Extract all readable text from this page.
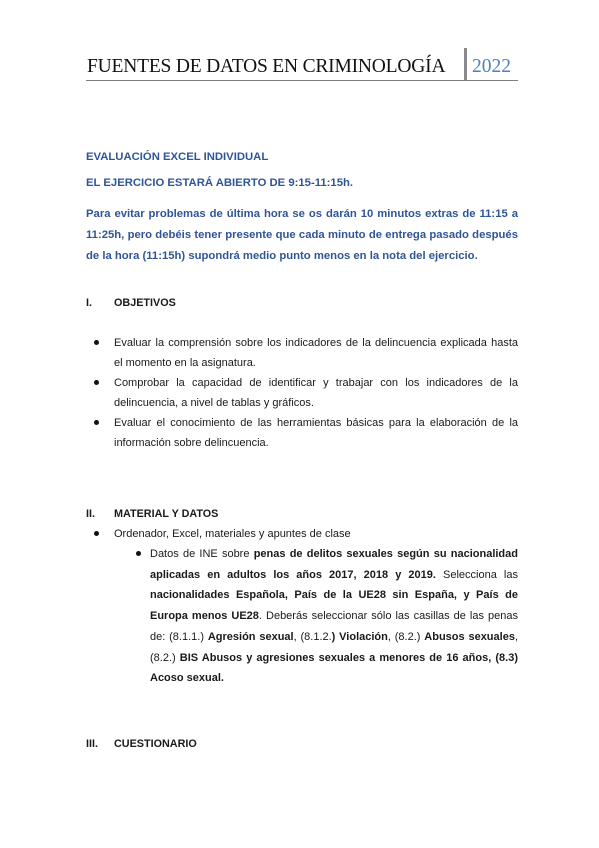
FUENTES DE DATOS EN CRIMINOLOGÍA 2022
EVALUACIÓN EXCEL INDIVIDUAL
EL EJERCICIO ESTARÁ ABIERTO DE 9:15-11:15h.
Para evitar problemas de última hora se os darán 10 minutos extras de 11:15 a 11:25h, pero debéis tener presente que cada minuto de entrega pasado después de la hora (11:15h) supondrá medio punto menos en la nota del ejercicio.
I. OBJETIVOS
Evaluar la comprensión sobre los indicadores de la delincuencia explicada hasta el momento en la asignatura.
Comprobar la capacidad de identificar y trabajar con los indicadores de la delincuencia, a nivel de tablas y gráficos.
Evaluar el conocimiento de las herramientas básicas para la elaboración de la información sobre delincuencia.
II. MATERIAL Y DATOS
Ordenador, Excel, materiales y apuntes de clase
Datos de INE sobre penas de delitos sexuales según su nacionalidad aplicadas en adultos los años 2017, 2018 y 2019. Selecciona las nacionalidades Española, País de la UE28 sin España, y País de Europa menos UE28. Deberás seleccionar sólo las casillas de las penas de: (8.1.1.) Agresión sexual, (8.1.2.) Violación, (8.2.) Abusos sexuales, (8.2.) BIS Abusos y agresiones sexuales a menores de 16 años, (8.3) Acoso sexual.
III. CUESTIONARIO
